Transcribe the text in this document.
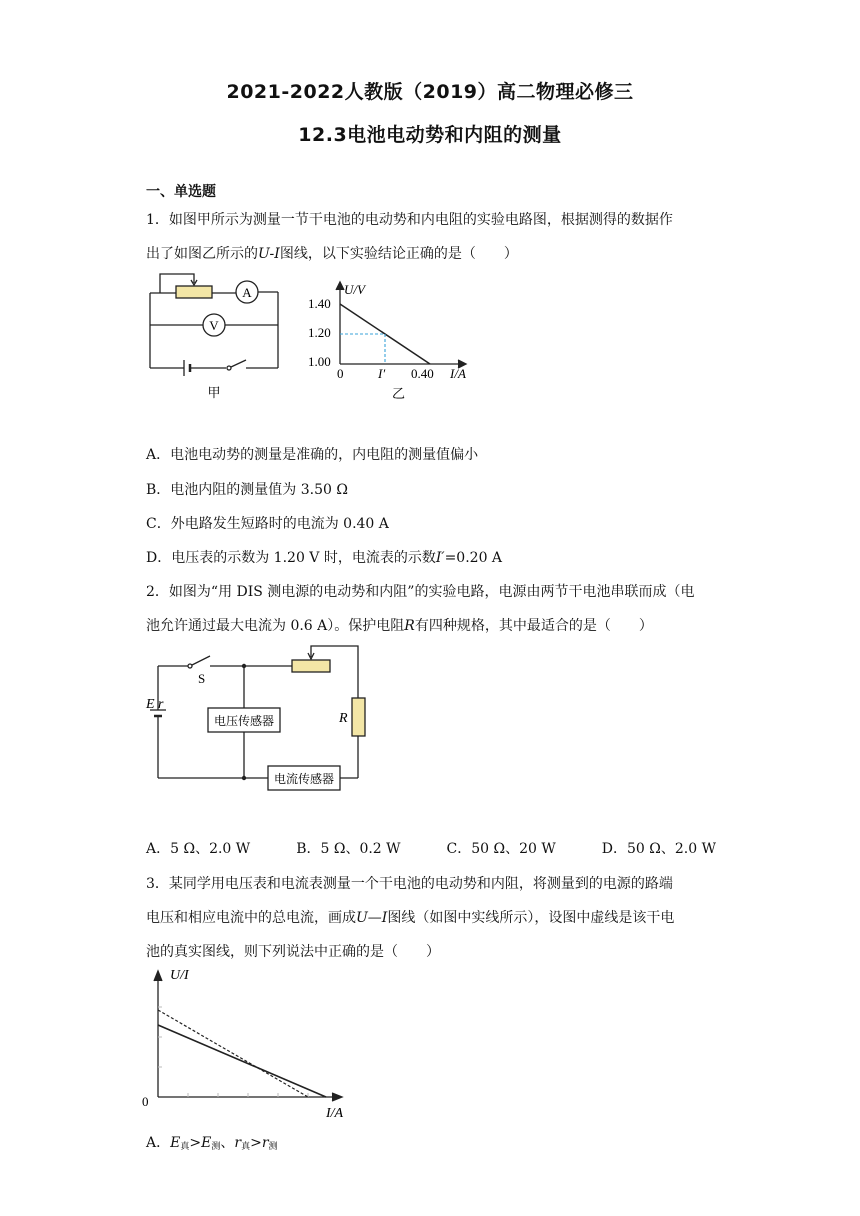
2021-2022人教版（2019）高二物理必修三
12.3电池电动势和内阻的测量
一、单选题
1．如图甲所示为测量一节干电池的电动势和内电阻的实验电路图，根据测得的数据作
出了如图乙所示的U-I图线，以下实验结论正确的是（　　）
A
V
甲
1.40
1.20
1.00
U/V
0	I′ 0.40 I/A
乙
A．电池电动势的测量是准确的，内电阻的测量值偏小
B．电池内阻的测量值为 3.50 Ω
C．外电路发生短路时的电流为 0.40 A
D．电压表的示数为 1.20 V 时，电流表的示数I′=0.20 A
2．如图为“用 DIS 测电源的电动势和内阻”的实验电路，电源由两节干电池串联而成（电
池允许通过最大电流为 0.6 A）。保护电阻R有四种规格，其中最适合的是（　　）
S
E r
R
电压传感器
电流传感器
A．5 Ω、2.0 W	B．5 Ω、0.2 W	C．50 Ω、20 W	D．50 Ω、2.0 W
3．某同学用电压表和电流表测量一个干电池的电动势和内阻，将测量到的电源的路端
电压和相应电流中的总电流，画成U—I图线（如图中实线所示），设图中虚线是该干电
池的真实图线，则下列说法中正确的是（　　）
U/I
0
I/A
A．$E_真>E_测$、$r_真>r_测$
